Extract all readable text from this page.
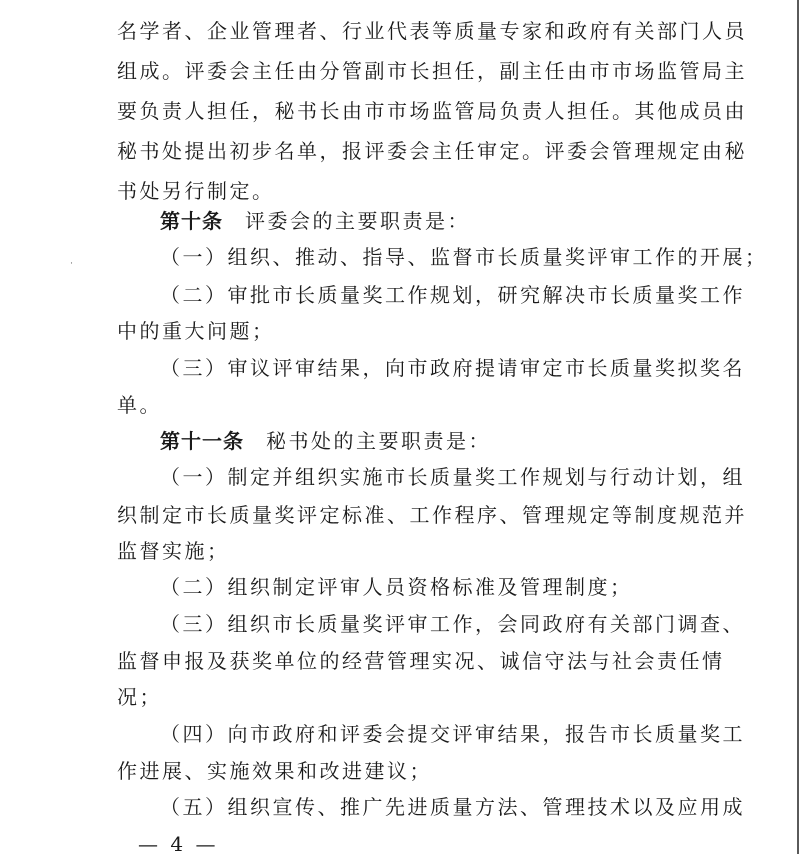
名学者、企业管理者、行业代表等质量专家和政府有关部门人员
组成。评委会主任由分管副市长担任，副主任由市市场监管局主
要负责人担任，秘书长由市市场监管局负责人担任。其他成员由
秘书处提出初步名单，报评委会主任审定。评委会管理规定由秘
书处另行制定。
第十条 评委会的主要职责是：
（一）组织、推动、指导、监督市长质量奖评审工作的开展；
（二）审批市长质量奖工作规划，研究解决市长质量奖工作
中的重大问题；
（三）审议评审结果，向市政府提请审定市长质量奖拟奖名
单。
第十一条 秘书处的主要职责是：
（一）制定并组织实施市长质量奖工作规划与行动计划，组
织制定市长质量奖评定标准、工作程序、管理规定等制度规范并
监督实施；
（二）组织制定评审人员资格标准及管理制度；
（三）组织市长质量奖评审工作，会同政府有关部门调查、
监督申报及获奖单位的经营管理实况、诚信守法与社会责任情
况；
（四）向市政府和评委会提交评审结果，报告市长质量奖工
作进展、实施效果和改进建议；
（五）组织宣传、推广先进质量方法、管理技术以及应用成
˙
— 4 —
